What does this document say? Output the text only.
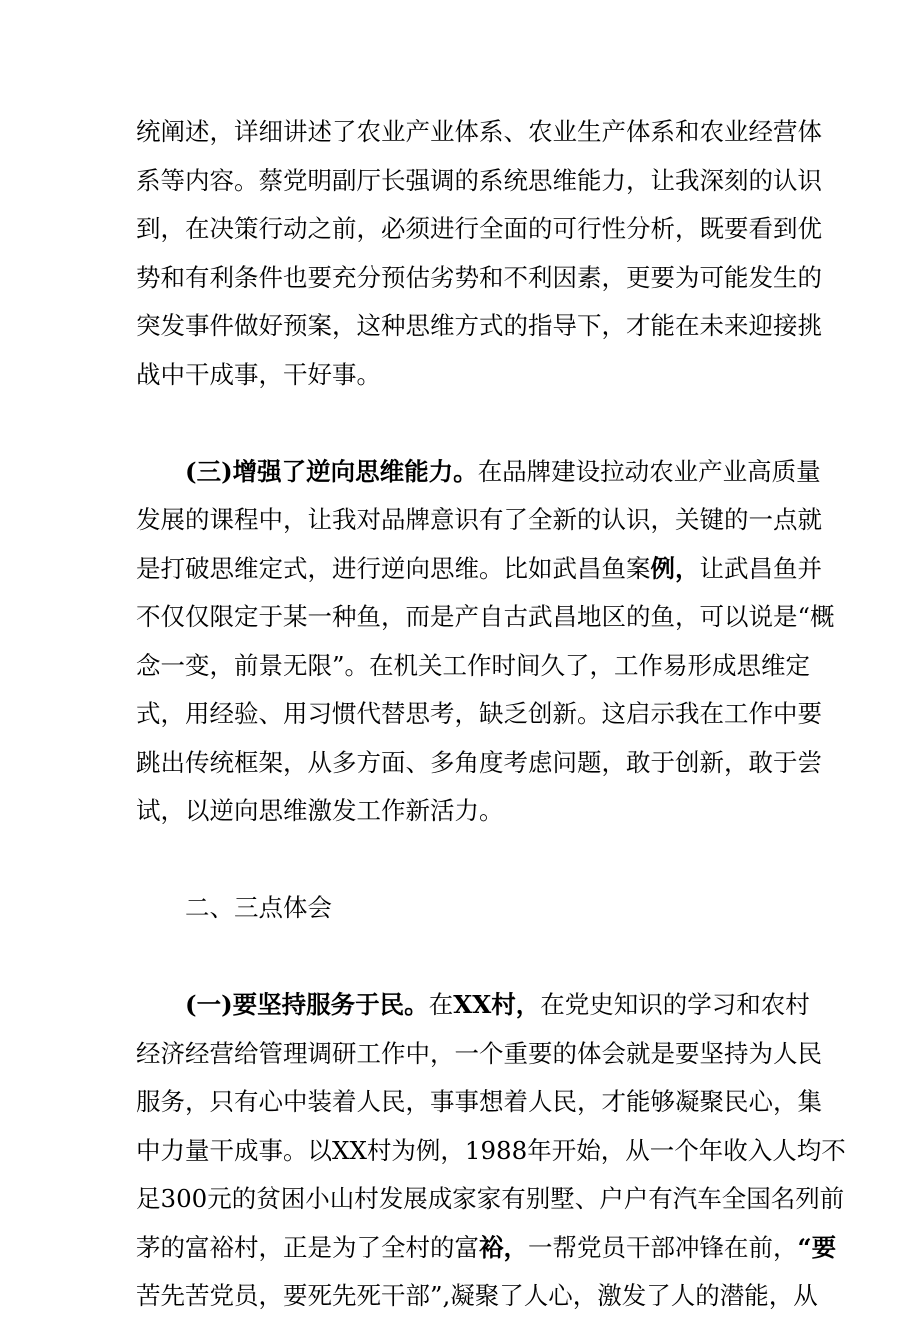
统阐述，详细讲述了农业产业体系、农业生产体系和农业经营体
系等内容。蔡党明副厅长强调的系统思维能力，让我深刻的认识
到，在决策行动之前，必须进行全面的可行性分析，既要看到优
势和有利条件也要充分预估劣势和不利因素，更要为可能发生的
突发事件做好预案，这种思维方式的指导下，才能在未来迎接挑
战中干成事，干好事。
(三)增强了逆向思维能力。在品牌建设拉动农业产业高质量
发展的课程中，让我对品牌意识有了全新的认识，关键的一点就
是打破思维定式，进行逆向思维。比如武昌鱼案例，让武昌鱼并
不仅仅限定于某一种鱼，而是产自古武昌地区的鱼，可以说是“概
念一变，前景无限”。在机关工作时间久了，工作易形成思维定
式，用经验、用习惯代替思考，缺乏创新。这启示我在工作中要
跳出传统框架，从多方面、多角度考虑问题，敢于创新，敢于尝
试，以逆向思维激发工作新活力。
二、三点体会
(一)要坚持服务于民。在XX村，在党史知识的学习和农村
经济经营给管理调研工作中，一个重要的体会就是要坚持为人民
服务，只有心中装着人民，事事想着人民，才能够凝聚民心，集
中力量干成事。以XX村为例，1988年开始，从一个年收入人均不
足300元的贫困小山村发展成家家有别墅、户户有汽车全国名列前
茅的富裕村，正是为了全村的富裕，一帮党员干部冲锋在前，“要
苦先苦党员，要死先死干部”,凝聚了人心，激发了人的潜能，从
